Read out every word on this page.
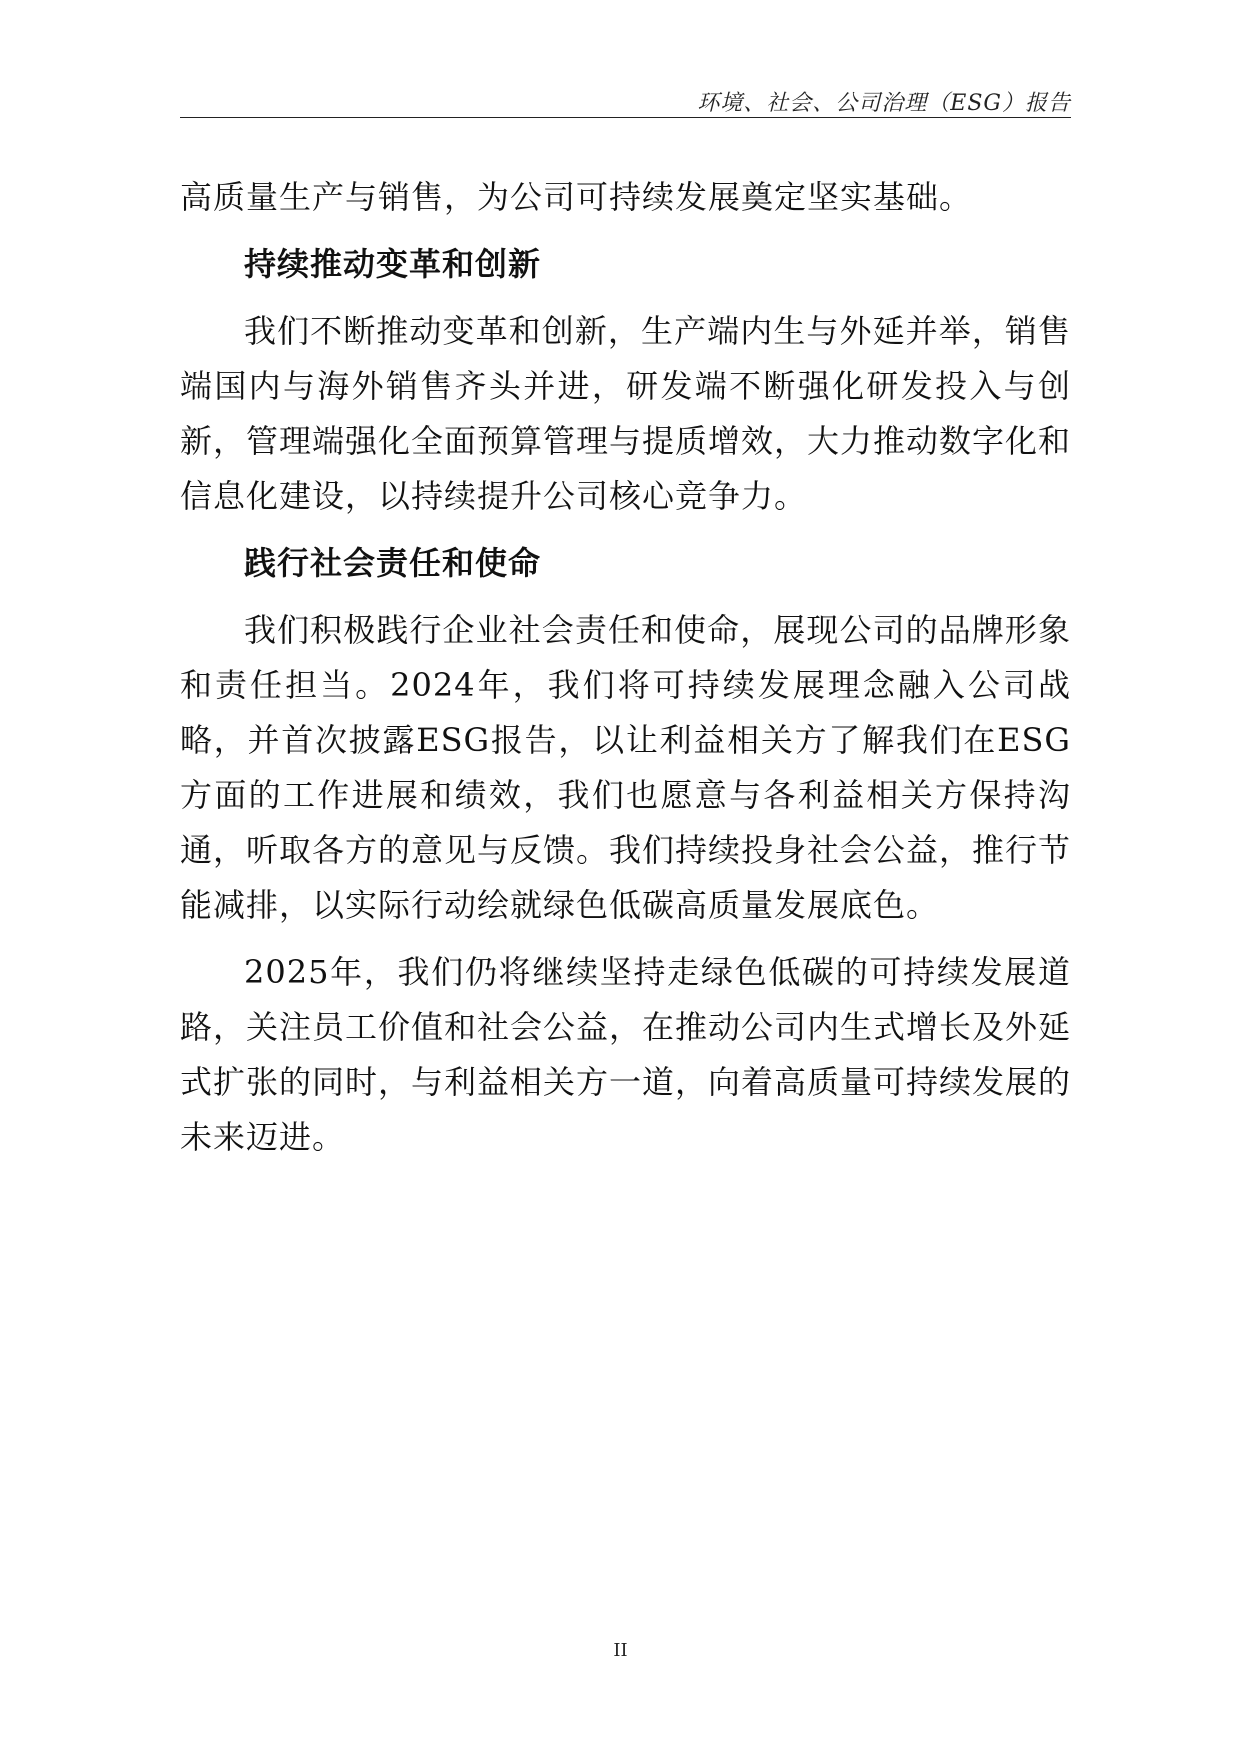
环境、社会、公司治理（ESG）报告

高质量生产与销售，为公司可持续发展奠定坚实基础。

持续推动变革和创新

我们不断推动变革和创新，生产端内生与外延并举，销售端国内与海外销售齐头并进，研发端不断强化研发投入与创新，管理端强化全面预算管理与提质增效，大力推动数字化和信息化建设，以持续提升公司核心竞争力。

践行社会责任和使命

我们积极践行企业社会责任和使命，展现公司的品牌形象和责任担当。2024年，我们将可持续发展理念融入公司战略，并首次披露ESG报告，以让利益相关方了解我们在ESG方面的工作进展和绩效，我们也愿意与各利益相关方保持沟通，听取各方的意见与反馈。我们持续投身社会公益，推行节能减排，以实际行动绘就绿色低碳高质量发展底色。

2025年，我们仍将继续坚持走绿色低碳的可持续发展道路，关注员工价值和社会公益，在推动公司内生式增长及外延式扩张的同时，与利益相关方一道，向着高质量可持续发展的未来迈进。

II
